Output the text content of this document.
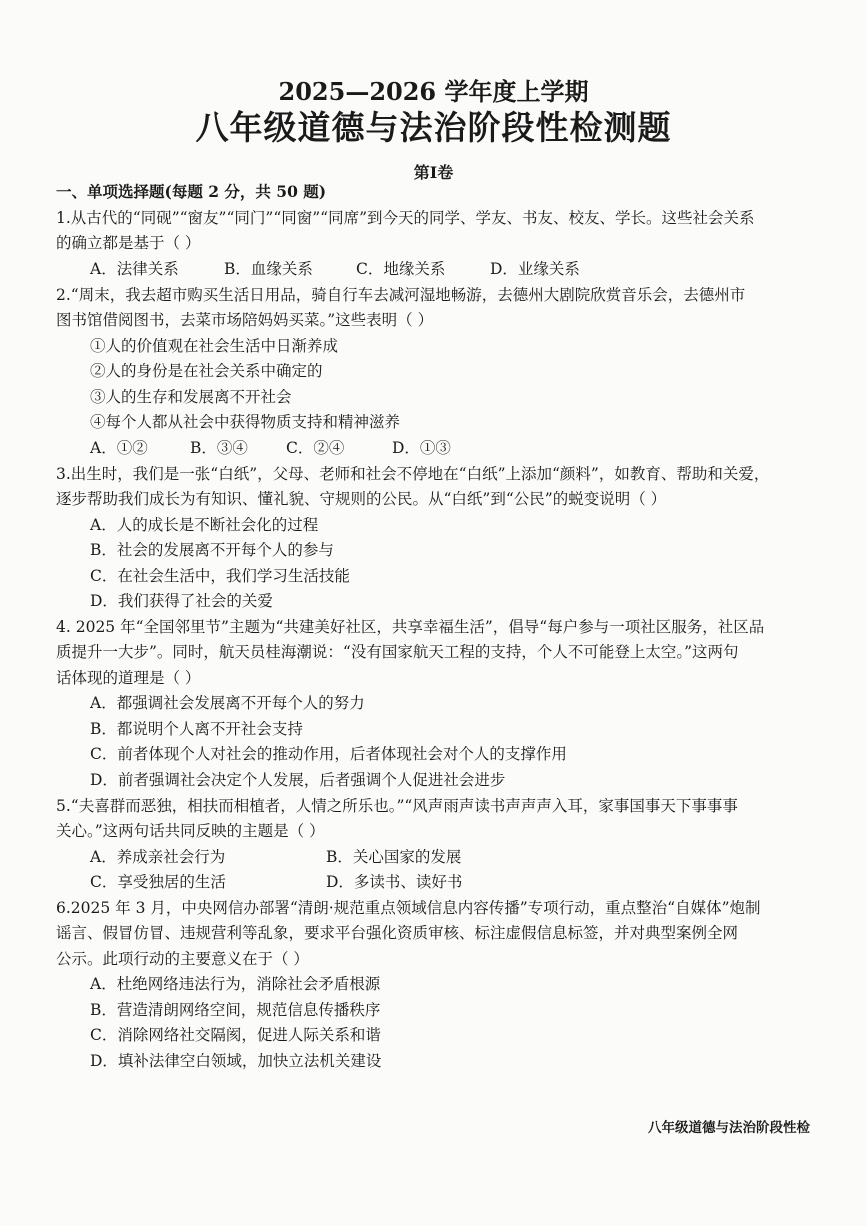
2025—2026 学年度上学期
八年级道德与法治阶段性检测题
第Ⅰ卷
一、单项选择题(每题 2 分，共 50 题)
1.从古代的“同砚”“窗友”“同门”“同窗”“同席”到今天的同学、学友、书友、校友、学长。这些社会关系
的确立都是基于（ ）
A．法律关系	B．血缘关系	C．地缘关系	D．业缘关系
2.“周末，我去超市购买生活日用品，骑自行车去减河湿地畅游，去德州大剧院欣赏音乐会，去德州市
图书馆借阅图书，去菜市场陪妈妈买菜。”这些表明（ ）
①人的价值观在社会生活中日渐养成
②人的身份是在社会关系中确定的
③人的生存和发展离不开社会
④每个人都从社会中获得物质支持和精神滋养
A．①②	B．③④ C．②④	D．①③
3.出生时，我们是一张“白纸”，父母、老师和社会不停地在“白纸”上添加“颜料”，如教育、帮助和关爱，
逐步帮助我们成长为有知识、懂礼貌、守规则的公民。从“白纸”到“公民”的蜕变说明（ ）
A．人的成长是不断社会化的过程
B．社会的发展离不开每个人的参与
C．在社会生活中，我们学习生活技能
D．我们获得了社会的关爱
4. 2025 年“全国邻里节”主题为“共建美好社区，共享幸福生活”，倡导“每户参与一项社区服务，社区品
质提升一大步”。同时，航天员桂海潮说：“没有国家航天工程的支持，个人不可能登上太空。”这两句
话体现的道理是（ ）
A．都强调社会发展离不开每个人的努力
B．都说明个人离不开社会支持
C．前者体现个人对社会的推动作用，后者体现社会对个人的支撑作用
D．前者强调社会决定个人发展，后者强调个人促进社会进步
5.“夫喜群而恶独，相扶而相植者，人情之所乐也。”“风声雨声读书声声声入耳，家事国事天下事事事
关心。”这两句话共同反映的主题是（ ）
A．养成亲社会行为	B．关心国家的发展
C．享受独居的生活	D．多读书、读好书
6.2025 年 3 月，中央网信办部署“清朗·规范重点领域信息内容传播”专项行动，重点整治“自媒体”炮制
谣言、假冒仿冒、违规营利等乱象，要求平台强化资质审核、标注虚假信息标签，并对典型案例全网
公示。此项行动的主要意义在于（ ）
A．杜绝网络违法行为，消除社会矛盾根源
B．营造清朗网络空间，规范信息传播秩序
C．消除网络社交隔阂，促进人际关系和谐
D．填补法律空白领域，加快立法机关建设
八年级道德与法治阶段性检
